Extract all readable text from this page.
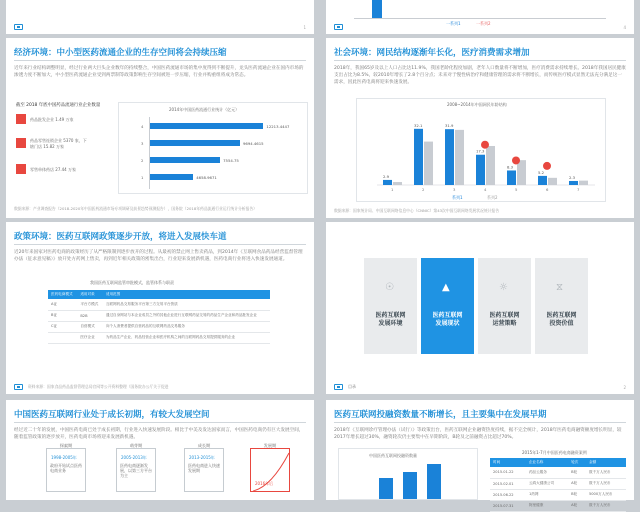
1
一系列1	一系列2
4
经济环境：中小型医药流通企业的生存空间将会持续压缩
近年来行业结构调整明显，经过行业两大巨头企业数年的持续整合，中国医药流通市场的集中度得到不断提升，龙头医药流通企业在国内市场的渗透力度不断加大，中小型医药流通企业受到两票制等政策影响生存空间被进一步压缩，行业并购重组将成为常态。
截至 2018 年底中国药品流通行业企业数量
药品批发企业 1.49 万家
药品零售连锁企业 5370 家，下辖门店 15.82 万家
零售单体药店 27.44 万家
2014年中国医药流通行业统计（亿元）
4	12213.4447
3	9694.4615
2	7554.75
1	4658.9671
数据来源：产业调查报告（2018-2020年中国医药流通市场专项调研及前景趋势预测报告），国务院（2018年药品流通行业运行统计分析报告）
社会环境：网民结构逐渐年长化，医疗消费需求增加
2018年，我国65岁及以上人口占比达11.9%，我国老龄化程度加剧，老年人口数量将不断增加，医疗消费需求持续增长。2018年我国居民健康支出占比为8.5%，较2010年增长了2.8个百分点；未来对于慢性病治疗和健康管理的需求将不断增长，而传统医疗模式显然无法充分满足这一需求，因此医药电商将迎来快速发展。
2008~2014年中国网民年龄结构
2.9
1
32.1
2
31.9
3
17.3
4
8.3
5
5.2
6
2.3
7
系列1	系列2
数据来源：国家统计局、中国互联网络信息中心（CNNIC）第43次中国互联网络发展状况统计报告
政策环境：医药互联网政策逐步开放，将进入发展快车道
近20年来国家对医药电商的政策经历了从严格限制到逐步放开的过程。从最初的禁止网上售卖药品，到2014年《互联网食品药品经营监督管理办法（征求意见稿）》放开处方药网上售卖，再到近年相关政策的密集出台，行业迎来发展新机遇，医药电商行业将进入快速发展通道。
我国医药互联网监管审批模式，监管体系与职责
医药电商模式	适用对象	适用范围
A证	平台方模式	互联网药品交易服务平台第三方交易平台资质
B证	B2B	通过自身网站与本企业成员之外的其他企业进行互联网药品交易的药品生产企业和药品批发企业
C证	自营模式	向个人消费者提供自营药品的互联网药品交易服务
	医疗企业	为药品生产企业、药品经营企业和医疗机构之间的互联网药品交易提供服务的企业
资料来源：国家食品药品监督管理总局官网等公开资料整理（国务院办公厅关于促进
☉
医药互联网
发展环境
▲
医药互联网
发展现状
☼
医药互联网
运营策略
⧖
医药互联网
投资价值
目录	2
中国医药互联网行业处于成长初期，有较大发展空间
经过近二十年的发展，中国医药电商已处于成长初期，行业进入快速发展阶段。相比于中美及发达国家而言，中国医药电商仍有巨大发展空间，随着监管政策的逐步放开，医药电商市场将迎来发展新机遇。
探索期
1998-2005年
政府开始试点医药电商业务
萌芽期
2005-2013年
医药电商逐渐发展，以第三方平台为主
成长期
2013-2015年
医药电商进入快速发展期
发展期
2016年后
医药互联网投融资数量不断增长，且主要集中在发展早期
2018年《互联网诊疗管理办法（试行）》等政策出台，医药互联网企业融资热度持续，据不完全统计，2018年医药电商融资额度增长明显，较2017年增长超过30%，融资轮次仍主要集中在早期阶段，B轮及之前融资占比超过70%。
中国医药互联网投融资数量
2015年1-7月中国医药电商融资案例
时间	企业名称	轮次	金额
2015.01.22	药品云服务	B轮	数千万人民币
2015.02.01	云鸿大健康公司	A轮	数千万人民币
2015.06.22	1药网	B轮	5000万人民币
2015.07.31	阿里健康	A轮	数千万人民币
